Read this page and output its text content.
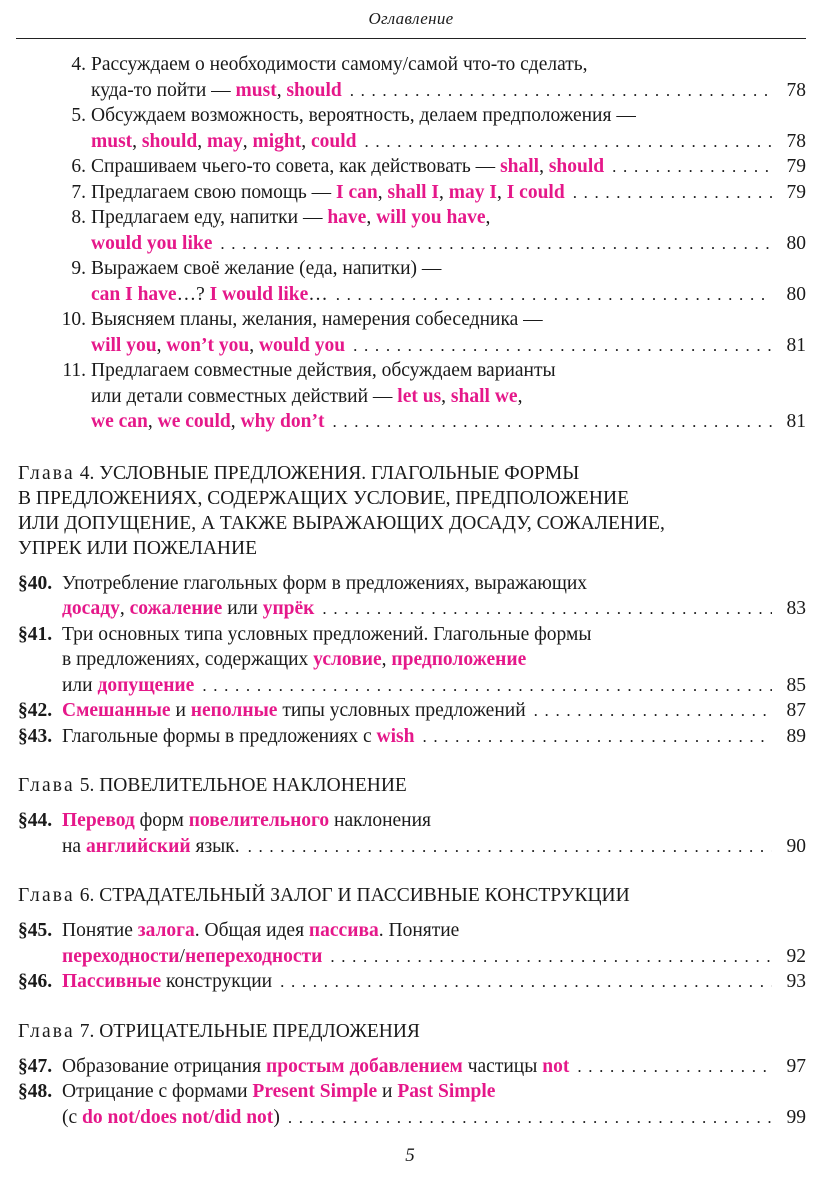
Оглавление
4. Рассуждаем о необходимости самому/самой что-то сделать,
куда-то пойти — must, should . . .	78
5. Обсуждаем возможность, вероятность, делаем предположения —
must, should, may, might, could . . .	78
6. Спрашиваем чьего-то совета, как действовать — shall, should . . .	79
7. Предлагаем свою помощь — I can, shall I, may I, I could . . .	79
8. Предлагаем еду, напитки — have, will you have,
would you like . . .	80
9. Выражаем своё желание (еда, напитки) —
can I have…? I would like… . . .	80
10. Выясняем планы, желания, намерения собеседника —
will you, won’t you, would you . . .	81
11. Предлагаем совместные действия, обсуждаем варианты
или детали совместных действий — let us, shall we,
we can, we could, why don’t . . .	81
Глава 4. УСЛОВНЫЕ ПРЕДЛОЖЕНИЯ. ГЛАГОЛЬНЫЕ ФОРМЫ
В ПРЕДЛОЖЕНИЯХ, СОДЕРЖАЩИХ УСЛОВИЕ, ПРЕДПОЛОЖЕНИЕ
ИЛИ ДОПУЩЕНИЕ, А ТАКЖЕ ВЫРАЖАЮЩИХ ДОСАДУ, СОЖАЛЕНИЕ,
УПРЕК ИЛИ ПОЖЕЛАНИЕ
§40. Употребление глагольных форм в предложениях, выражающих
досаду, сожаление или упрёк . . .	83
§41. Три основных типа условных предложений. Глагольные формы
в предложениях, содержащих условие, предположение
или допущение . . .	85
§42. Смешанные и неполные типы условных предложений . . .	87
§43. Глагольные формы в предложениях с wish . . .	89
Глава 5. ПОВЕЛИТЕЛЬНОЕ НАКЛОНЕНИЕ
§44. Перевод форм повелительного наклонения
на английский язык. . . .	90
Глава 6. СТРАДАТЕЛЬНЫЙ ЗАЛОГ И ПАССИВНЫЕ КОНСТРУКЦИИ
§45. Понятие залога. Общая идея пассива. Понятие
переходности/непереходности . . .	92
§46. Пассивные конструкции . . .	93
Глава 7. ОТРИЦАТЕЛЬНЫЕ ПРЕДЛОЖЕНИЯ
§47. Образование отрицания простым добавлением частицы not . . .	97
§48. Отрицание с формами Present Simple и Past Simple
(с do not/does not/did not) . . .	99
5
